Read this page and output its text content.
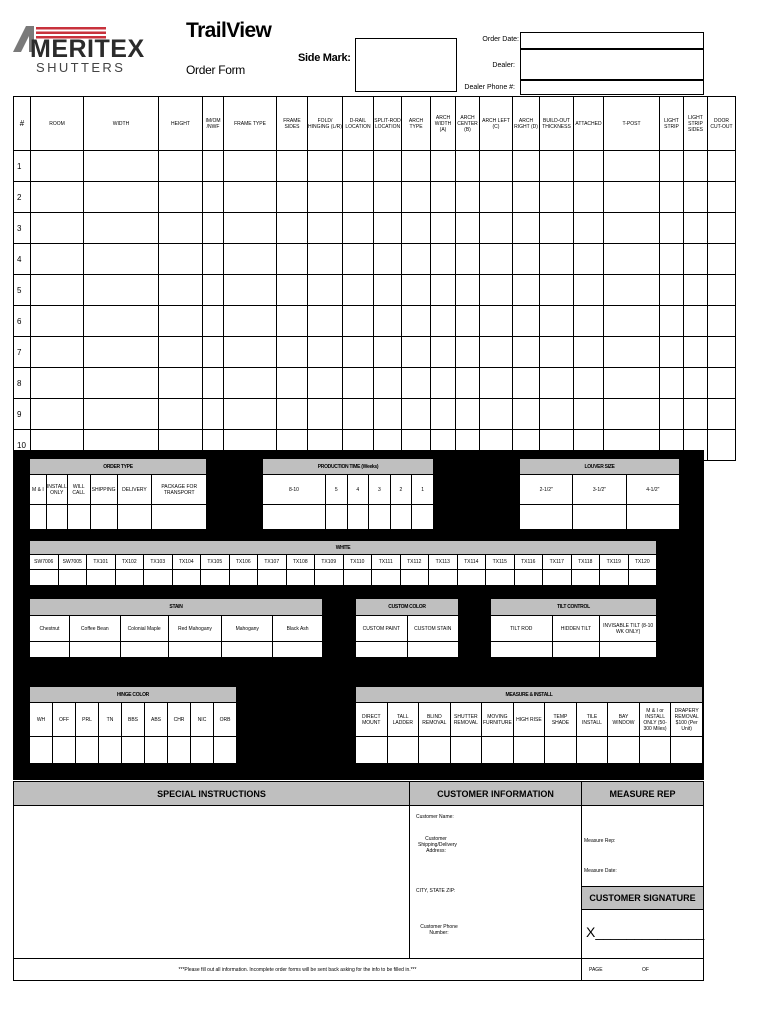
MERITEX
SHUTTERS
TrailView
Order Form
Side Mark:
Order Date:
Dealer:
Dealer Phone #:
#	ROOM	WIDTH	HEIGHT	IM/OM /NWF	FRAME TYPE	FRAME SIDES	FOLD/ HINGING (L/R)	D-RAIL LOCATION	SPLIT-ROD LOCATION	ARCH TYPE	ARCH WIDTH (A)	ARCH CENTER (B)	ARCH LEFT (C)	ARCH RIGHT (D)	BUILD-OUT THICKNESS	ATTACHED	T-POST	LIGHT STRIP	LIGHT STRIP SIDES	DOOR CUT-OUT
1																				
2																				
3																				
4																				
5																				
6																				
7																				
8																				
9																				
10																				
ORDER TYPE					
M & I	INSTALL ONLY	WILL CALL	SHIPPING	DELIVERY	PACKAGE FOR TRANSPORT

PRODUCTION TIME (Weeks)					
8-10	5	4	3	2	1

LOUVER SIZE		
2-1/2"	3-1/2"	4-1/2"

WHITE																					
SW7006	SW7005	TX101	TX102	TX103	TX104	TX105	TX106	TX107	TX108	TX109	TX110	TX111	TX112	TX113	TX114	TX115	TX116	TX117	TX118	TX119	TX120

STAIN					
Chestnut	Coffee Bean	Colonial Maple	Red Mahogany	Mahogany	Black Ash

CUSTOM COLOR	
CUSTOM PAINT	CUSTOM STAIN

TILT CONTROL		
TILT ROD	HIDDEN TILT	INVISABLE TILT (8-10 WK ONLY)

HINGE COLOR								
WH	OFF	PRL	TN	BBS	ABS	CHR	NIC	ORB

MEASURE & INSTALL										
DIRECT MOUNT	TALL LADDER	BLIND REMOVAL	SHUTTER REMOVAL	MOVING FURNITURE	HIGH RISE	TEMP SHADE	TILE INSTALL	BAY WINDOW	M & I or INSTALL ONLY (50-300 Miles)	DRAPERY REMOVAL $100 (Per Unit)

SPECIAL INSTRUCTIONS	CUSTOMER INFORMATION	MEASURE REP
Customer Name:
Customer Shipping/Delivery Address:
CITY, STATE ZIP:
Customer Phone Number:
Measure Rep:
Measure Date:
CUSTOMER SIGNATURE
X______________
***Please fill out all information. Incomplete order forms will be sent back asking for the info to be filled in.***	PAGE	OF
